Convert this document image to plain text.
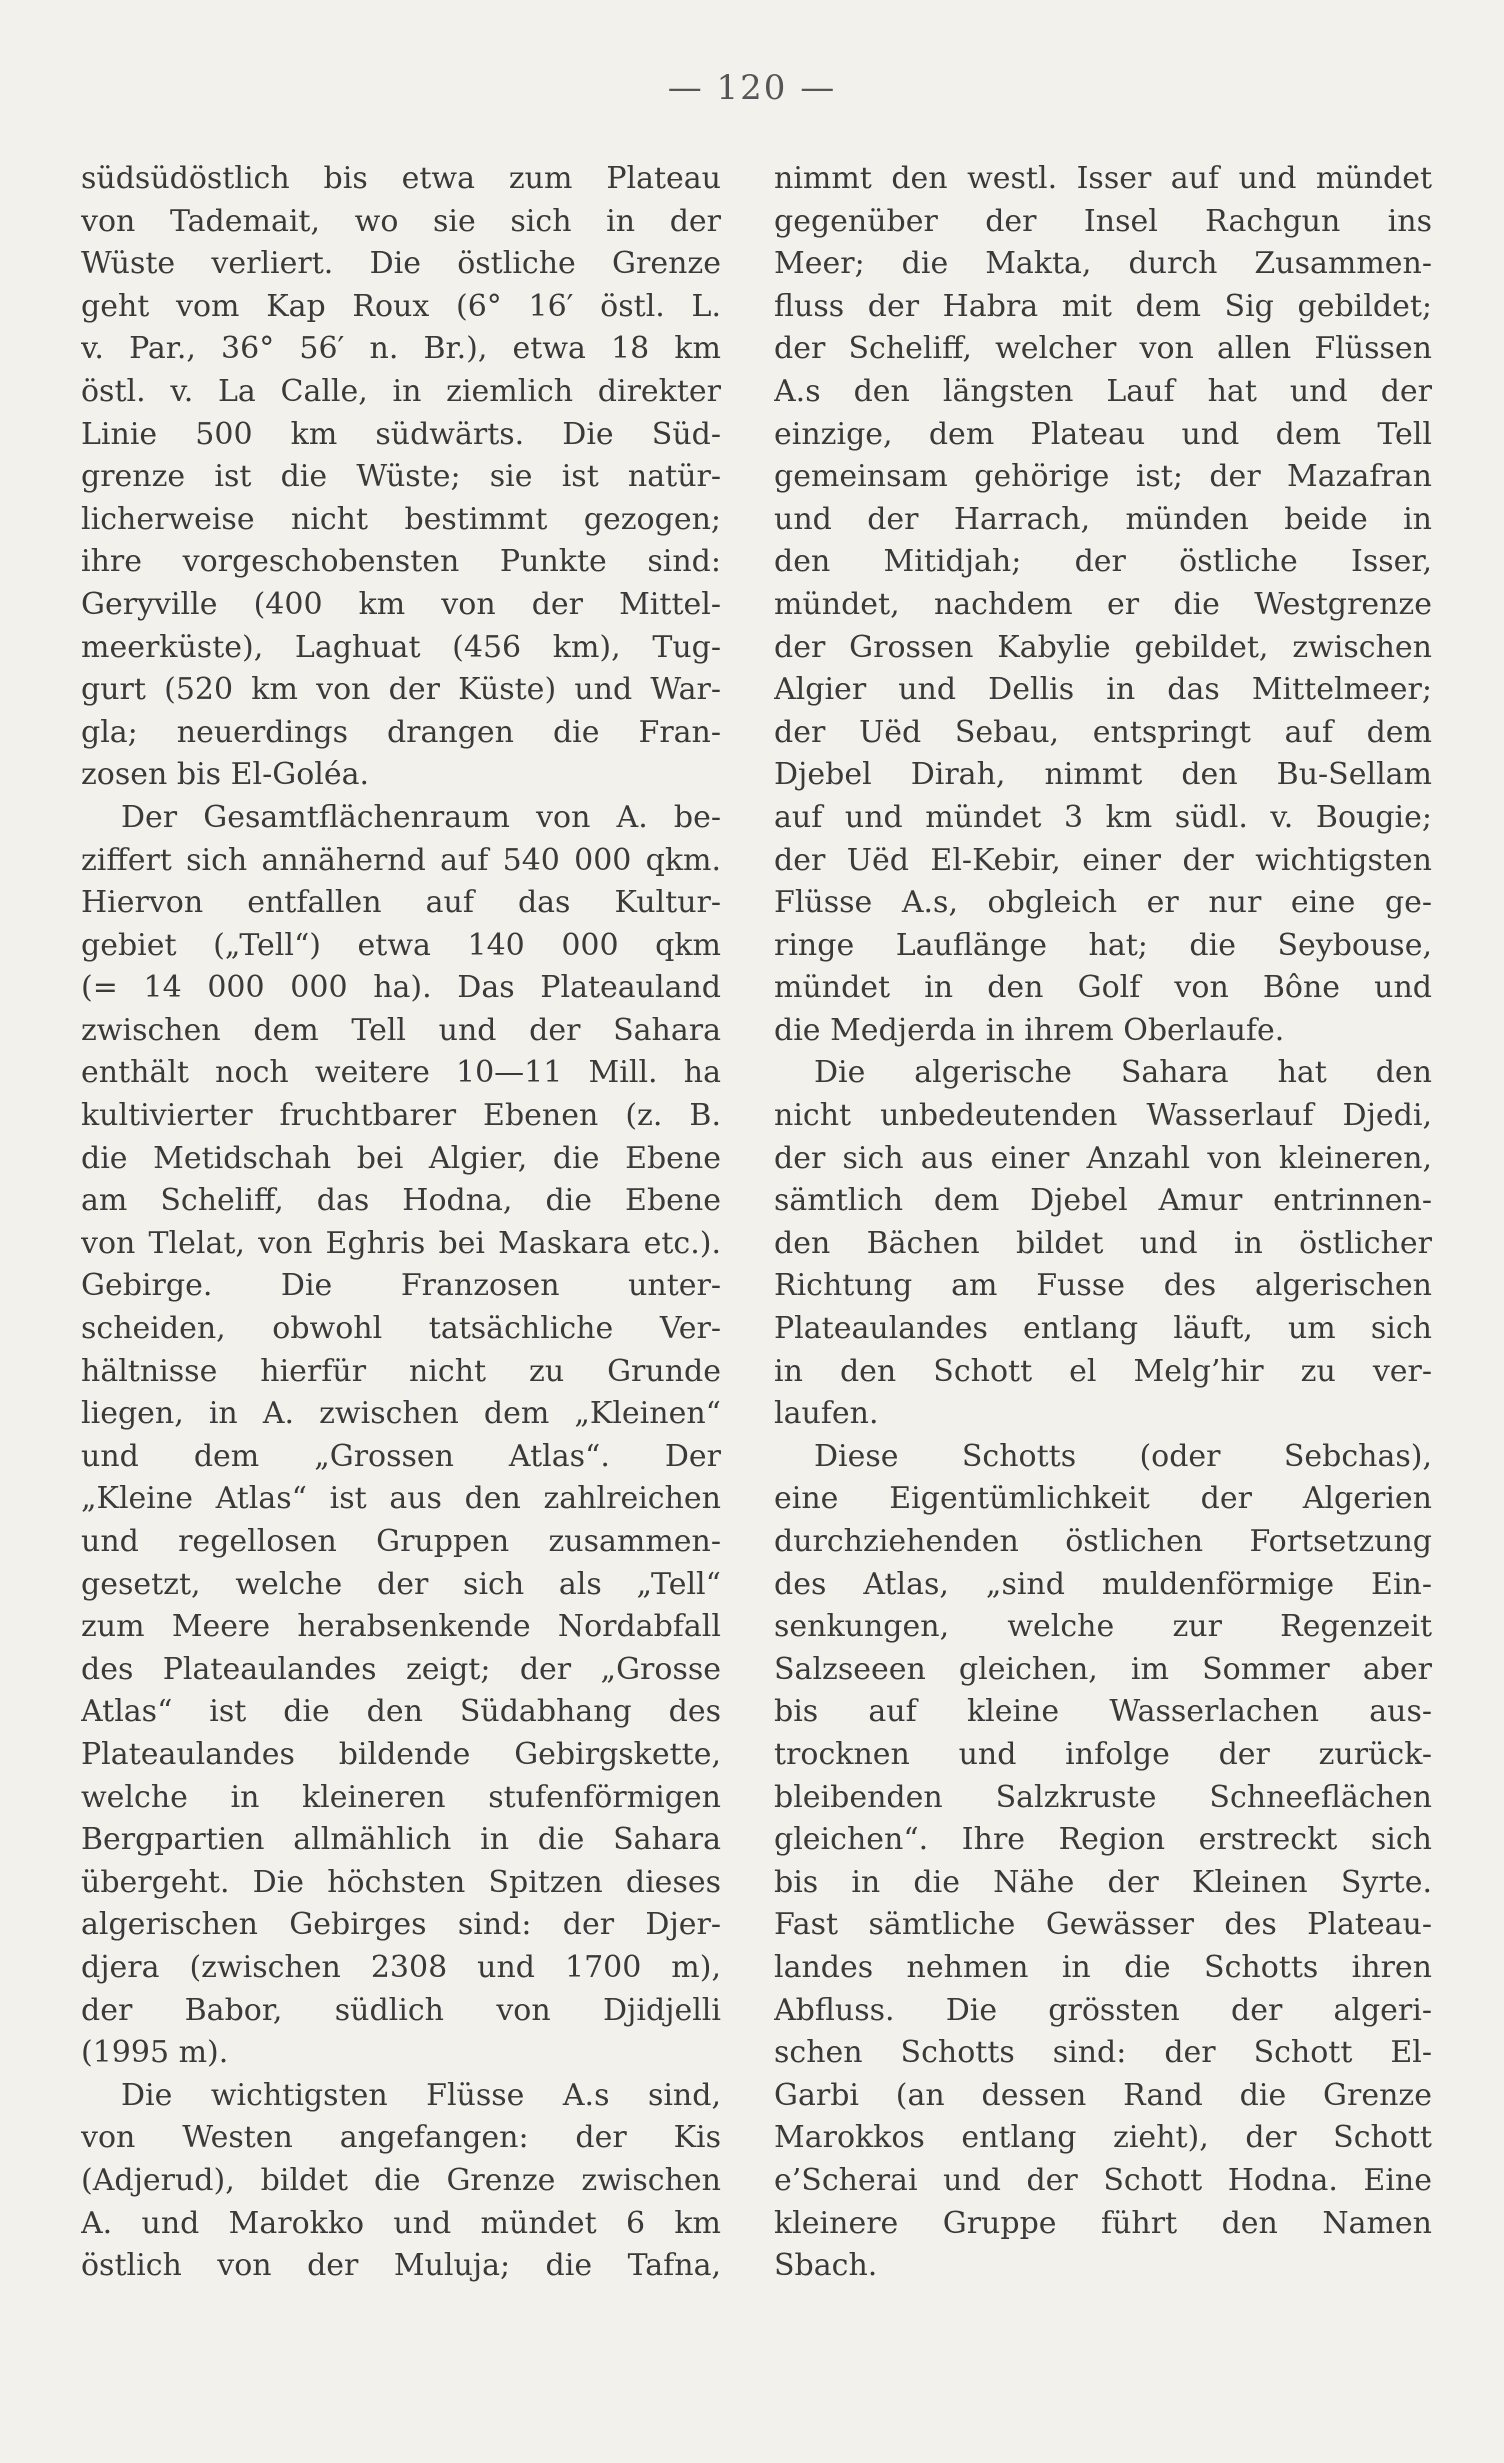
— 120 —
südsüdöstlich bis etwa zum Plateau
von Tademait, wo sie sich in der
Wüste verliert. Die östliche Grenze
geht vom Kap Roux (6° 16′ östl. L.
v. Par., 36° 56′ n. Br.), etwa 18 km
östl. v. La Calle, in ziemlich direkter
Linie 500 km südwärts. Die Süd-
grenze ist die Wüste; sie ist natür-
licherweise nicht bestimmt gezogen;
ihre vorgeschobensten Punkte sind:
Geryville (400 km von der Mittel-
meerküste), Laghuat (456 km), Tug-
gurt (520 km von der Küste) und War-
gla; neuerdings drangen die Fran-
zosen bis El-Goléa.
Der Gesamtflächenraum von A. be-
ziffert sich annähernd auf 540 000 qkm.
Hiervon entfallen auf das Kultur-
gebiet („Tell“) etwa 140 000 qkm
(= 14 000 000 ha). Das Plateauland
zwischen dem Tell und der Sahara
enthält noch weitere 10—11 Mill. ha
kultivierter fruchtbarer Ebenen (z. B.
die Metidschah bei Algier, die Ebene
am Scheliff, das Hodna, die Ebene
von Tlelat, von Eghris bei Maskara etc.).
Gebirge. Die Franzosen unter-
scheiden, obwohl tatsächliche Ver-
hältnisse hierfür nicht zu Grunde
liegen, in A. zwischen dem „Kleinen“
und dem „Grossen Atlas“. Der
„Kleine Atlas“ ist aus den zahlreichen
und regellosen Gruppen zusammen-
gesetzt, welche der sich als „Tell“
zum Meere herabsenkende Nordabfall
des Plateaulandes zeigt; der „Grosse
Atlas“ ist die den Südabhang des
Plateaulandes bildende Gebirgskette,
welche in kleineren stufenförmigen
Bergpartien allmählich in die Sahara
übergeht. Die höchsten Spitzen dieses
algerischen Gebirges sind: der Djer-
djera (zwischen 2308 und 1700 m),
der Babor, südlich von Djidjelli
(1995 m).
Die wichtigsten Flüsse A.s sind,
von Westen angefangen: der Kis
(Adjerud), bildet die Grenze zwischen
A. und Marokko und mündet 6 km
östlich von der Muluja; die Tafna,
nimmt den westl. Isser auf und mündet
gegenüber der Insel Rachgun ins
Meer; die Makta, durch Zusammen-
fluss der Habra mit dem Sig gebildet;
der Scheliff, welcher von allen Flüssen
A.s den längsten Lauf hat und der
einzige, dem Plateau und dem Tell
gemeinsam gehörige ist; der Mazafran
und der Harrach, münden beide in
den Mitidjah; der östliche Isser,
mündet, nachdem er die Westgrenze
der Grossen Kabylie gebildet, zwischen
Algier und Dellis in das Mittelmeer;
der Uëd Sebau, entspringt auf dem
Djebel Dirah, nimmt den Bu-Sellam
auf und mündet 3 km südl. v. Bougie;
der Uëd El-Kebir, einer der wichtigsten
Flüsse A.s, obgleich er nur eine ge-
ringe Lauflänge hat; die Seybouse,
mündet in den Golf von Bône und
die Medjerda in ihrem Oberlaufe.
Die algerische Sahara hat den
nicht unbedeutenden Wasserlauf Djedi,
der sich aus einer Anzahl von kleineren,
sämtlich dem Djebel Amur entrinnen-
den Bächen bildet und in östlicher
Richtung am Fusse des algerischen
Plateaulandes entlang läuft, um sich
in den Schott el Melg’hir zu ver-
laufen.
Diese Schotts (oder Sebchas),
eine Eigentümlichkeit der Algerien
durchziehenden östlichen Fortsetzung
des Atlas, „sind muldenförmige Ein-
senkungen, welche zur Regenzeit
Salzseeen gleichen, im Sommer aber
bis auf kleine Wasserlachen aus-
trocknen und infolge der zurück-
bleibenden Salzkruste Schneeflächen
gleichen“. Ihre Region erstreckt sich
bis in die Nähe der Kleinen Syrte.
Fast sämtliche Gewässer des Plateau-
landes nehmen in die Schotts ihren
Abfluss. Die grössten der algeri-
schen Schotts sind: der Schott El-
Garbi (an dessen Rand die Grenze
Marokkos entlang zieht), der Schott
e’Scherai und der Schott Hodna. Eine
kleinere Gruppe führt den Namen
Sbach.
